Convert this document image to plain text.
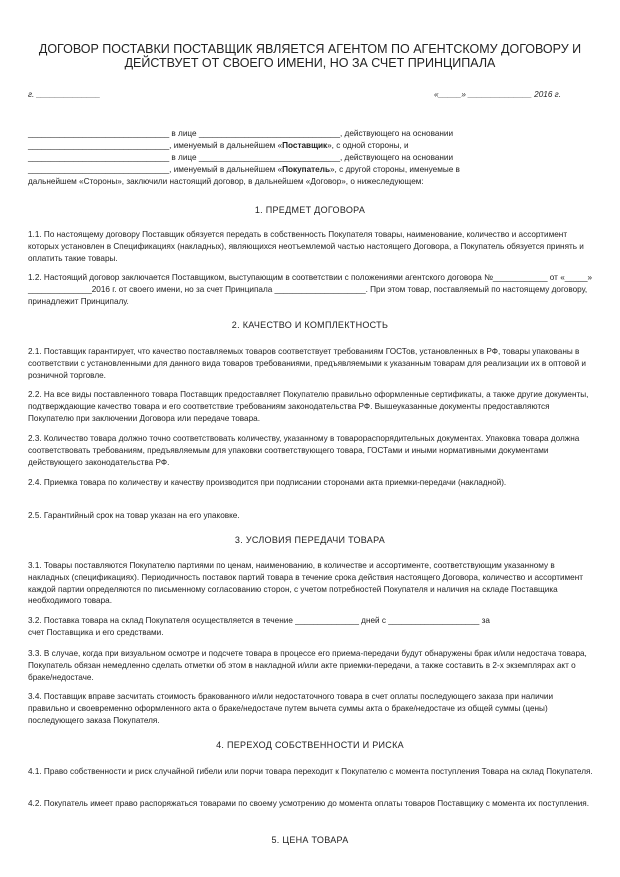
ДОГОВОР ПОСТАВКИ ПОСТАВЩИК ЯВЛЯЕТСЯ АГЕНТОМ ПО АГЕНТСКОМУ ДОГОВОРУ И ДЕЙСТВУЕТ ОТ СВОЕГО ИМЕНИ, НО ЗА СЧЕТ ПРИНЦИПАЛА
г. ______________	«_____» ______________ 2016 г.
_______________________________ в лице _______________________________, действующего на основании
_______________________________, именуемый в дальнейшем «Поставщик», с одной стороны, и
_______________________________ в лице _______________________________, действующего на основании
_______________________________, именуемый в дальнейшем «Покупатель», с другой стороны, именуемые в
дальнейшем «Стороны», заключили настоящий договор, в дальнейшем «Договор», о нижеследующем:
1. ПРЕДМЕТ ДОГОВОРА
1.1. По настоящему договору Поставщик обязуется передать в собственность Покупателя товары, наименование, количество и ассортимент которых установлен в Спецификациях (накладных), являющихся неотъемлемой частью настоящего Договора, а Покупатель обязуется принять и оплатить такие товары.
1.2. Настоящий договор заключается Поставщиком, выступающим в соответствии с положениями агентского договора №____________ от «_____» ______________2016 г. от своего имени, но за счет Принципала ____________________. При этом товар, поставляемый по настоящему договору, принадлежит Принципалу.
2. КАЧЕСТВО И КОМПЛЕКТНОСТЬ
2.1. Поставщик гарантирует, что качество поставляемых товаров соответствует требованиям ГОСТов, установленных в РФ, товары упакованы в соответствии с установленными для данного вида товаров требованиями, предъявляемыми к указанным товарам для реализации их в оптовой и розничной торговле.
2.2. На все виды поставленного товара Поставщик предоставляет Покупателю правильно оформленные сертификаты, а также другие документы, подтверждающие качество товара и его соответствие требованиям законодательства РФ. Вышеуказанные документы предоставляются Покупателю при заключении Договора или передаче товара.
2.3. Количество товара должно точно соответствовать количеству, указанному в товарораспорядительных документах. Упаковка товара должна соответствовать требованиям, предъявляемым для упаковки соответствующего товара, ГОСТами и иными нормативными документами действующего законодательства РФ.
2.4. Приемка товара по количеству и качеству производится при подписании сторонами акта приемки-передачи (накладной).
2.5. Гарантийный срок на товар указан на его упаковке.
3. УСЛОВИЯ ПЕРЕДАЧИ ТОВАРА
3.1. Товары поставляются Покупателю партиями по ценам, наименованию, в количестве и ассортименте, соответствующим указанному в накладных (спецификациях). Периодичность поставок партий товара в течение срока действия настоящего Договора, количество и ассортимент каждой партии определяются по письменному согласованию сторон, с учетом потребностей Покупателя и наличия на складе Поставщика необходимого товара.
3.2. Поставка товара на склад Покупателя осуществляется в течение ______________ дней с ____________________ за
счет Поставщика и его средствами.
3.3. В случае, когда при визуальном осмотре и подсчете товара в процессе его приема-передачи будут обнаружены брак и/или недостача товара, Покупатель обязан немедленно сделать отметки об этом в накладной и/или акте приемки-передачи, а также составить в 2-х экземплярах акт о браке/недостаче.
3.4. Поставщик вправе засчитать стоимость бракованного и/или недостаточного товара в счет оплаты последующего заказа при наличии правильно и своевременно оформленного акта о браке/недостаче путем вычета суммы акта о браке/недостаче из общей суммы (цены) последующего заказа Покупателя.
4. ПЕРЕХОД СОБСТВЕННОСТИ И РИСКА
4.1. Право собственности и риск случайной гибели или порчи товара переходит к Покупателю с момента поступления Товара на склад Покупателя.
4.2. Покупатель имеет право распоряжаться товарами по своему усмотрению до момента оплаты товаров Поставщику с момента их поступления.
5. ЦЕНА ТОВАРА
